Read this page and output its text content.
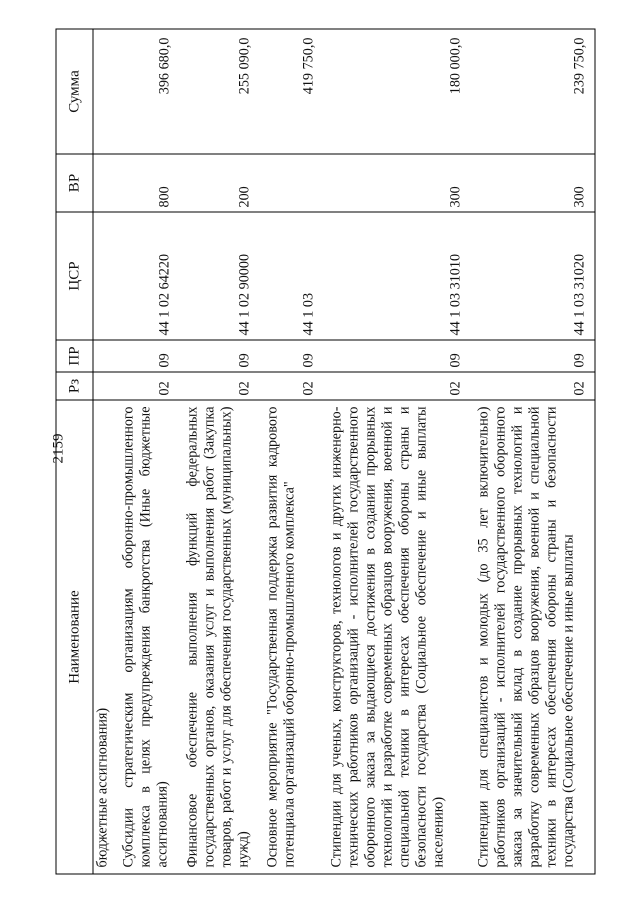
2159
Наименование	Рз	ПР	ЦСР	ВР	Сумма
бюджетные ассигнования)					
Субсидии стратегическим организациям оборонно-промышленного комплекса в целях предупреждения банкротства (Иные бюджетные ассигнования)	02	09	44 1 02 64220	800	396 680,0
Финансовое обеспечение выполнения функций федеральных государственных органов, оказания услуг и выполнения работ (Закупка товаров, работ и услуг для обеспечения государственных (муниципальных) нужд)	02	09	44 1 02 90000	200	255 090,0
Основное мероприятие "Государственная поддержка развития кадрового потенциала организаций оборонно-промышленного комплекса"	02	09	44 1 03		419 750,0
Стипендии для ученых, конструкторов, технологов и других инженерно-технических работников организаций - исполнителей государственного оборонного заказа за выдающиеся достижения в создании прорывных технологий и разработке современных образцов вооружения, военной и специальной техники в интересах обеспечения обороны страны и безопасности государства (Социальное обеспечение и иные выплаты населению)	02	09	44 1 03 31010	300	180 000,0
Стипендии для специалистов и молодых (до 35 лет включительно) работников организаций - исполнителей государственного оборонного заказа за значительный вклад в создание прорывных технологий и разработку современных образцов вооружения, военной и специальной техники в интересах обеспечения обороны страны и безопасности государства (Социальное обеспечение и иные выплаты	02	09	44 1 03 31020	300	239 750,0
